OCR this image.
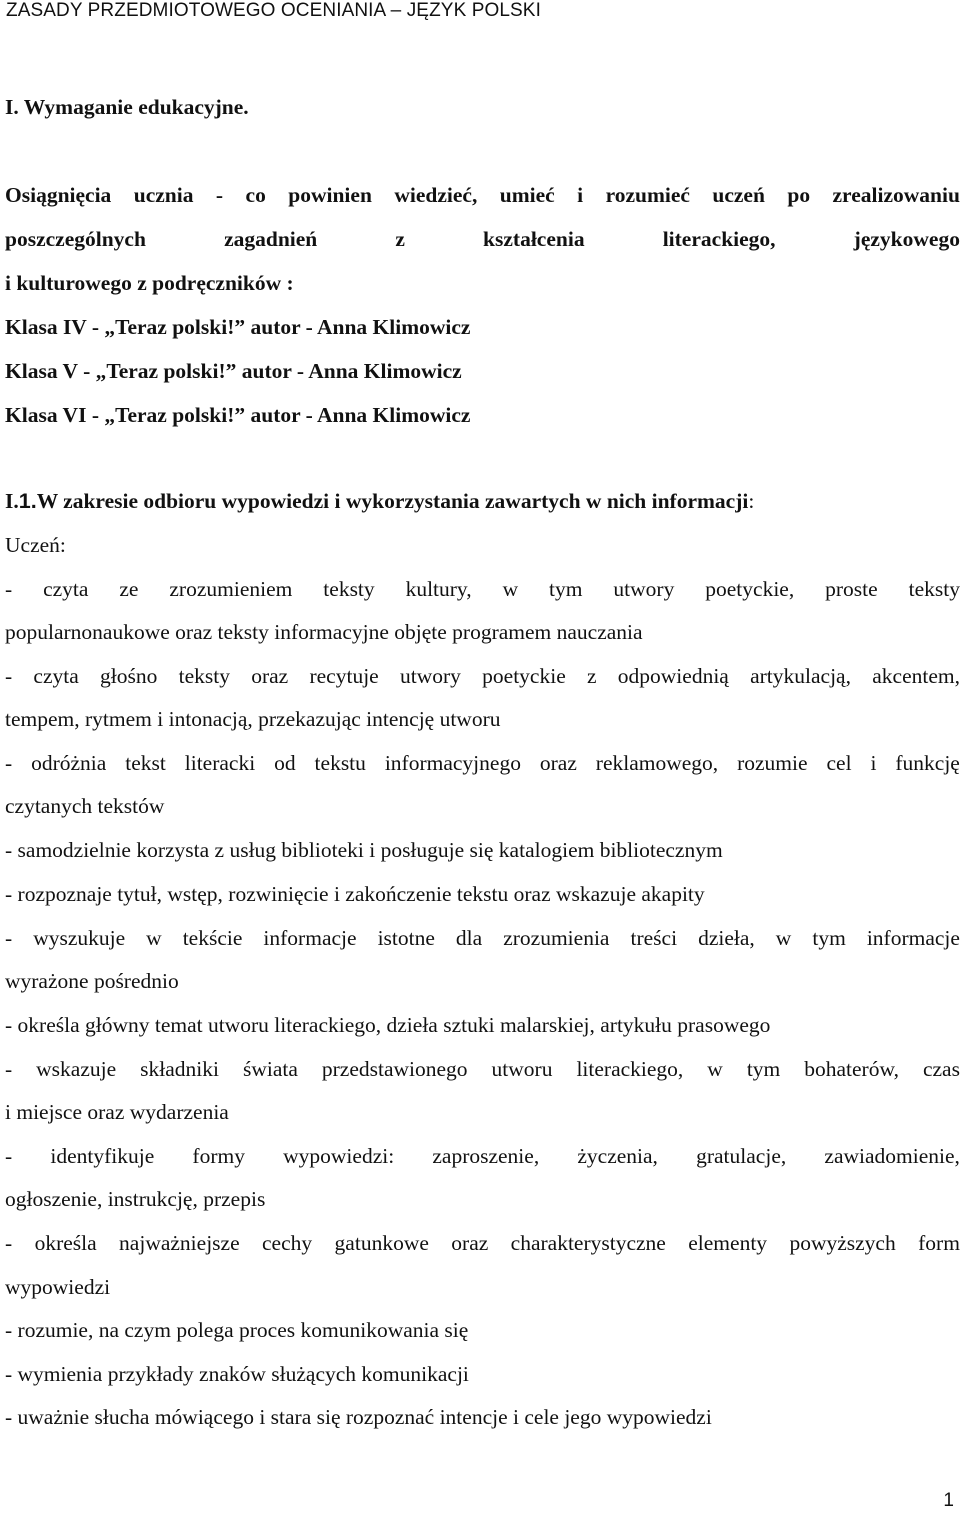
ZASADY PRZEDMIOTOWEGO OCENIANIA – JĘZYK POLSKI
I. Wymaganie edukacyjne.
Osiągnięcia ucznia - co powinien wiedzieć, umieć i rozumieć uczeń po zrealizowaniu
poszczególnych	zagadnień	z	kształcenia	literackiego,	językowego
i kulturowego z podręczników :
Klasa IV - „Teraz polski!” autor - Anna Klimowicz
Klasa V - „Teraz polski!” autor - Anna Klimowicz
Klasa VI - „Teraz polski!” autor - Anna Klimowicz
I.1.W zakresie odbioru wypowiedzi i wykorzystania zawartych w nich informacji:
Uczeń:
- czyta ze zrozumieniem teksty kultury, w tym utwory poetyckie, proste teksty
popularnonaukowe oraz teksty informacyjne objęte programem nauczania
- czyta głośno teksty oraz recytuje utwory poetyckie z odpowiednią artykulacją, akcentem,
tempem, rytmem i intonacją, przekazując intencję utworu
- odróżnia tekst literacki od tekstu informacyjnego oraz reklamowego, rozumie cel i funkcję
czytanych tekstów
- samodzielnie korzysta z usług biblioteki i posługuje się katalogiem bibliotecznym
- rozpoznaje tytuł, wstęp, rozwinięcie i zakończenie tekstu oraz wskazuje akapity
- wyszukuje w tekście informacje istotne dla zrozumienia treści dzieła, w tym informacje
wyrażone pośrednio
- określa główny temat utworu literackiego, dzieła sztuki malarskiej, artykułu prasowego
- wskazuje składniki świata przedstawionego utworu literackiego, w tym bohaterów, czas
i miejsce oraz wydarzenia
- identyfikuje formy wypowiedzi: zaproszenie, życzenia, gratulacje, zawiadomienie,
ogłoszenie, instrukcję, przepis
- określa najważniejsze cechy gatunkowe oraz charakterystyczne elementy powyższych form
wypowiedzi
- rozumie, na czym polega proces komunikowania się
- wymienia przykłady znaków służących komunikacji
- uważnie słucha mówiącego i stara się rozpoznać intencje i cele jego wypowiedzi
1
